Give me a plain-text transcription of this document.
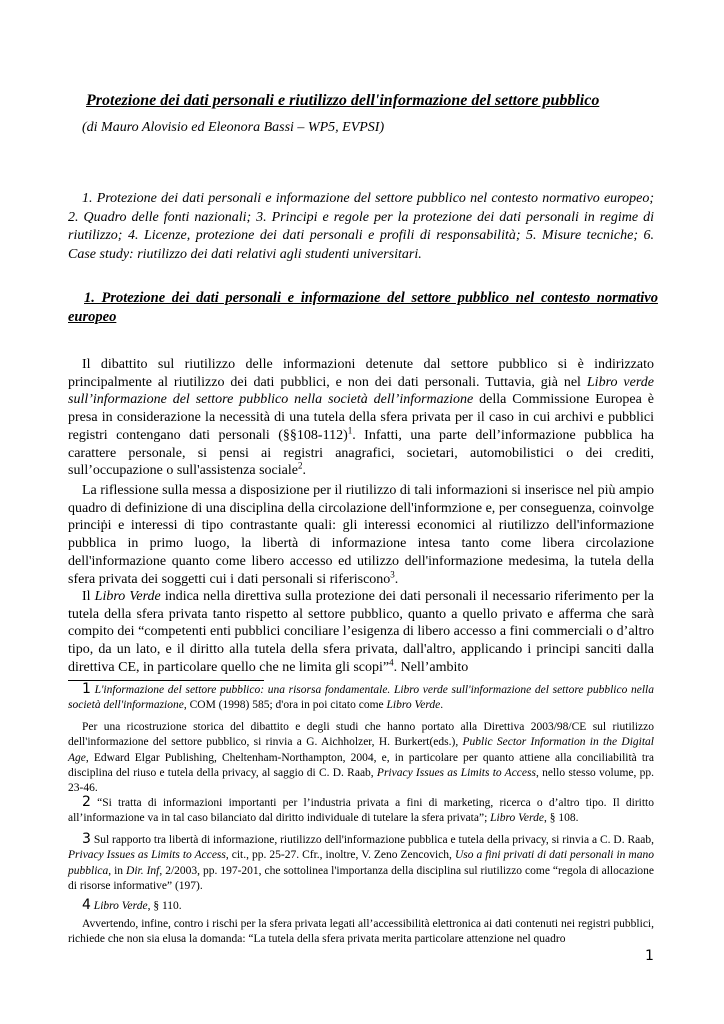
Protezione dei dati personali e riutilizzo dell'informazione del settore pubblico
(di Mauro Alovisio ed Eleonora Bassi – WP5, EVPSI)
1. Protezione dei dati personali e informazione del settore pubblico nel contesto normativo europeo; 2. Quadro delle fonti nazionali; 3. Principi e regole per la protezione dei dati personali in regime di riutilizzo; 4. Licenze, protezione dei dati personali e profili di responsabilità; 5. Misure tecniche; 6. Case study: riutilizzo dei dati relativi agli studenti universitari.
1. Protezione dei dati personali e informazione del settore pubblico nel contesto normativo europeo

Il dibattito sul riutilizzo delle informazioni detenute dal settore pubblico si è indirizzato principalmente al riutilizzo dei dati pubblici, e non dei dati personali. Tuttavia, già nel Libro verde sull’informazione del settore pubblico nella società dell’informazione della Commissione Europea è presa in considerazione la necessità di una tutela della sfera privata per il caso in cui archivi e pubblici registri contengano dati personali (§§108-112)$^1$. Infatti, una parte dell’informazione pubblica ha carattere personale, si pensi ai registri anagrafici, societari, automobilistici o dei crediti, sull’occupazione o sull'assistenza sociale$^2$.

La riflessione sulla messa a disposizione per il riutilizzo di tali informazioni si inserisce nel più ampio quadro di definizione di una disciplina della circolazione dell'informzione e, per conseguenza, coinvolge princiṗi e interessi di tipo contrastante quali: gli interessi economici al riutilizzo dell'informazione pubblica in primo luogo, la libertà di informazione intesa tanto come libera circolazione dell'informazione quanto come libero accesso ed utilizzo dell'informazione medesima, la tutela della sfera privata dei soggetti cui i dati personali si riferiscono$^3$.

Il Libro Verde indica nella direttiva sulla protezione dei dati personali il necessario riferimento per la tutela della sfera privata tanto rispetto al settore pubblico, quanto a quello privato e afferma che sarà compito dei “competenti enti pubblici conciliare l’esigenza di libero accesso a fini commerciali o d’altro tipo, da un lato, e il diritto alla tutela della sfera privata, dall'altro, applicando i principi sanciti dalla direttiva CE, in particolare quello che ne limita gli scopi”$^4$. Nell’ambito

1 L'informazione del settore pubblico: una risorsa fondamentale. Libro verde sull'informazione del settore pubblico nella società dell'informazione, COM (1998) 585; d'ora in poi citato come Libro Verde.

Per una ricostruzione storica del dibattito e degli studi che hanno portato alla Direttiva 2003/98/CE sul riutilizzo dell'informazione del settore pubblico, si rinvia a G. Aichholzer, H. Burkert(eds.), Public Sector Information in the Digital Age, Edward Elgar Publishing, Cheltenham-Northampton, 2004, e, in particolare per quanto attiene alla conciliabilità tra disciplina del riuso e tutela della privacy, al saggio di C. D. Raab, Privacy Issues as Limits to Access, nello stesso volume, pp. 23-46.

2 “Si tratta di informazioni importanti per l’industria privata a fini di marketing, ricerca o d’altro tipo. Il diritto all’informazione va in tal caso bilanciato dal diritto individuale di tutelare la sfera privata”; Libro Verde, § 108.

3 Sul rapporto tra libertà di informazione, riutilizzo dell'informazione pubblica e tutela della privacy, si rinvia a C. D. Raab, Privacy Issues as Limits to Access, cit., pp. 25-27. Cfr., inoltre, V. Zeno Zencovich, Uso a fini privati di dati personali in mano pubblica, in Dir. Inf, 2/2003, pp. 197-201, che sottolinea l'importanza della disciplina sul riutilizzo come “regola di allocazione di risorse informative” (197).

4 Libro Verde, § 110.

Avvertendo, infine, contro i rischi per la sfera privata legati all’accessibilità elettronica ai dati contenuti nei registri pubblici, richiede che non sia elusa la domanda: “La tutela della sfera privata merita particolare attenzione nel quadro

1
